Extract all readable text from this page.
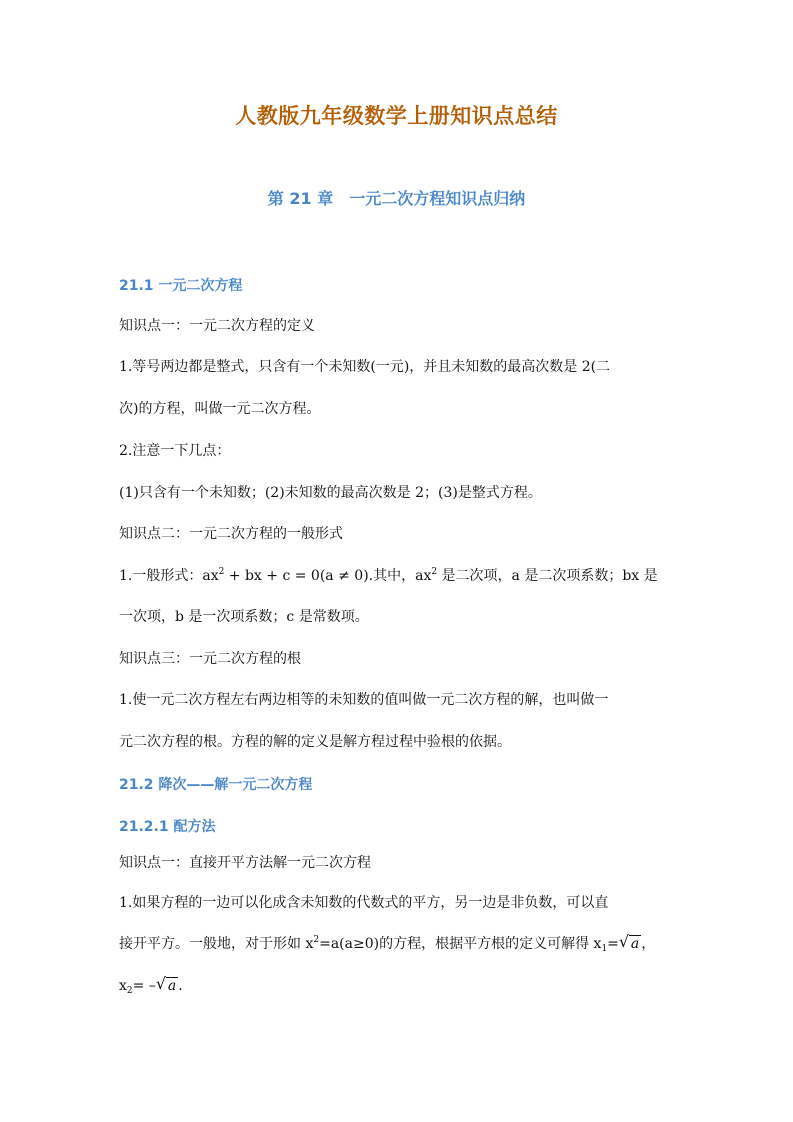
人教版九年级数学上册知识点总结
第 21 章　一元二次方程知识点归纳
21.1 一元二次方程
知识点一：一元二次方程的定义
1.等号两边都是整式，只含有一个未知数(一元)，并且未知数的最高次数是 2(二
次)的方程，叫做一元二次方程。
2.注意一下几点：
(1)只含有一个未知数；(2)未知数的最高次数是 2；(3)是整式方程。
知识点二：一元二次方程的一般形式
1.一般形式：$ax^2$ + bx + c = 0(a ≠ 0).其中，$ax^2$ 是二次项，a 是二次项系数；bx 是
一次项，b 是一次项系数；c 是常数项。
知识点三：一元二次方程的根
1.使一元二次方程左右两边相等的未知数的值叫做一元二次方程的解，也叫做一
元二次方程的根。方程的解的定义是解方程过程中验根的依据。
21.2 降次——解一元二次方程
21.2.1 配方法
知识点一：直接开平方法解一元二次方程
1.如果方程的一边可以化成含未知数的代数式的平方，另一边是非负数，可以直
接开平方。一般地，对于形如 $x^2=a(a\ge 0)$的方程，根据平方根的定义可解得 $x_1=$ √ a ，
$x_2=$ – √ a .
